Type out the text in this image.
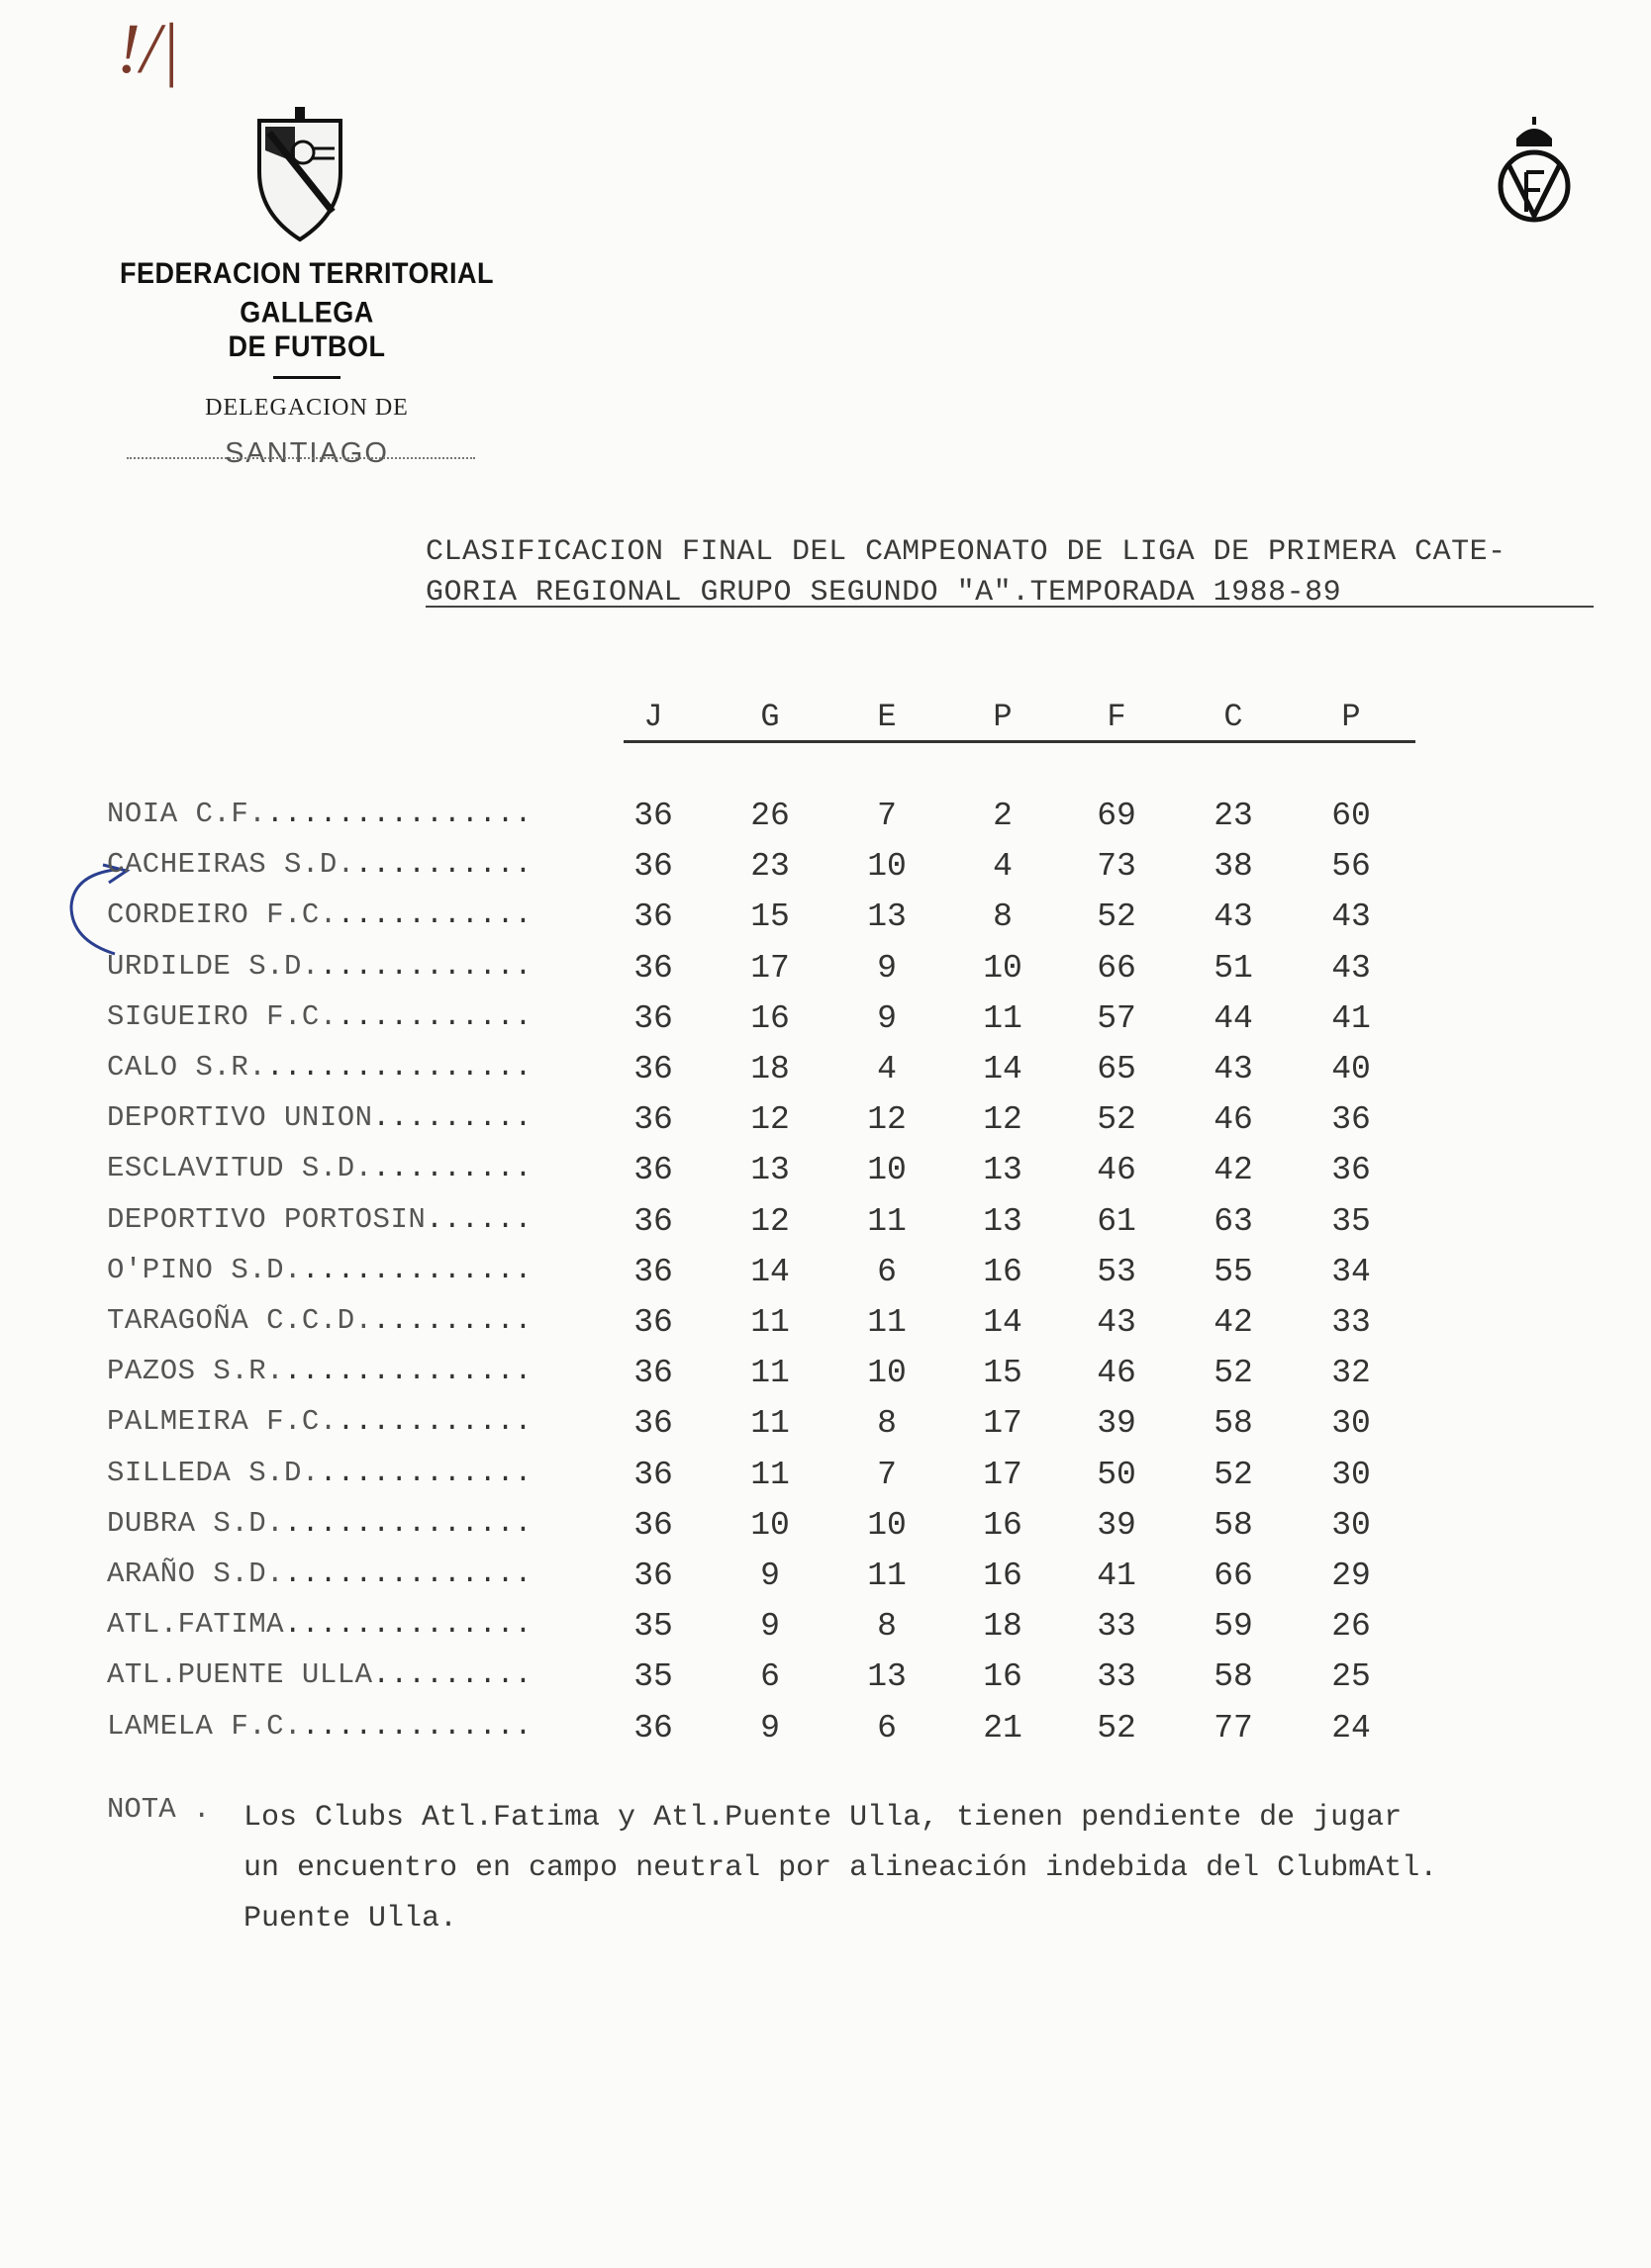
!/|
FEDERACION TERRITORIAL GALLEGA
DE FUTBOL
DELEGACION DE
SANTIAGO
CLASIFICACION FINAL DEL CAMPEONATO DE LIGA DE PRIMERA CATE-
GORIA REGIONAL GRUPO SEGUNDO "A".TEMPORADA 1988-89
J	G	E	P	F	C	P
NOIA C.F................	36	26	7	2	69	23	60
CACHEIRAS S.D...........	36	23	10	4	73	38	56
CORDEIRO F.C............	36	15	13	8	52	43	43
URDILDE S.D.............	36	17	9	10	66	51	43
SIGUEIRO F.C............	36	16	9	11	57	44	41
CALO S.R................	36	18	4	14	65	43	40
DEPORTIVO UNION.........	36	12	12	12	52	46	36
ESCLAVITUD S.D..........	36	13	10	13	46	42	36
DEPORTIVO PORTOSIN......	36	12	11	13	61	63	35
O'PINO S.D..............	36	14	6	16	53	55	34
TARAGOÑA C.C.D..........	36	11	11	14	43	42	33
PAZOS S.R...............	36	11	10	15	46	52	32
PALMEIRA F.C............	36	11	8	17	39	58	30
SILLEDA S.D.............	36	11	7	17	50	52	30
DUBRA S.D...............	36	10	10	16	39	58	30
ARAÑO S.D...............	36	9	11	16	41	66	29
ATL.FATIMA..............	35	9	8	18	33	59	26
ATL.PUENTE ULLA.........	35	6	13	16	33	58	25
LAMELA F.C..............	36	9	6	21	52	77	24
NOTA . Los Clubs Atl.Fatima y Atl.Puente Ulla, tienen pendiente de jugar
un encuentro en campo neutral por alineación indebida del ClubmAtl.
Puente Ulla.
